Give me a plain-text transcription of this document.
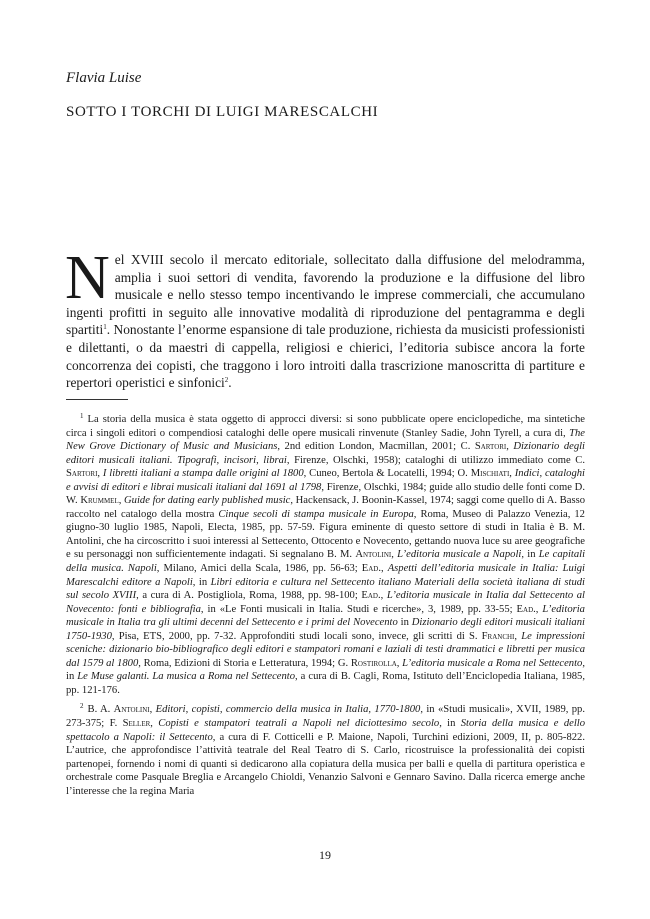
Flavia Luise
SOTTO I TORCHI DI LUIGI MARESCALCHI
Nel XVIII secolo il mercato editoriale, sollecitato dalla diffusione del melodramma, amplia i suoi settori di vendita, favorendo la produzione e la diffusione del libro musicale e nello stesso tempo incentivando le imprese commerciali, che accumulano ingenti profitti in seguito alle innovative modalità di riproduzione del pentagramma e degli spartiti$^1$. Nonostante l’enorme espansione di tale produzione, richiesta da musicisti professionisti e dilettanti, o da maestri di cappella, religiosi e chierici, l’editoria subisce ancora la forte concorrenza dei copisti, che traggono i loro introiti dalla trascrizione manoscritta di partiture e repertori operistici e sinfonici$^2$.

$^1$ La storia della musica è stata oggetto di approcci diversi: si sono pubblicate opere enciclopediche, ma sintetiche circa i singoli editori o compendiosi cataloghi delle opere musicali rinvenute (Stanley Sadie, John Tyrell, a cura di, The New Grove Dictionary of Music and Musicians, 2nd edition London, Macmillan, 2001; C. Sartori, Dizionario degli editori musicali italiani. Tipografi, incisori, librai, Firenze, Olschki, 1958); cataloghi di utilizzo immediato come C. Sartori, I libretti italiani a stampa dalle origini al 1800, Cuneo, Bertola & Locatelli, 1994; O. Mischiati, Indici, cataloghi e avvisi di editori e librai musicali italiani dal 1691 al 1798, Firenze, Olschki, 1984; guide allo studio delle fonti come D. W. Krummel, Guide for dating early published music, Hackensack, J. Boonin-Kassel, 1974; saggi come quello di A. Basso raccolto nel catalogo della mostra Cinque secoli di stampa musicale in Europa, Roma, Museo di Palazzo Venezia, 12 giugno-30 luglio 1985, Napoli, Electa, 1985, pp. 57-59. Figura eminente di questo settore di studi in Italia è B. M. Antolini, che ha circoscritto i suoi interessi al Settecento, Ottocento e Novecento, gettando nuova luce su aree geografiche e su personaggi non sufficientemente indagati. Si segnalano B. M. Antolini, L’editoria musicale a Napoli, in Le capitali della musica. Napoli, Milano, Amici della Scala, 1986, pp. 56-63; Ead., Aspetti dell’editoria musicale in Italia: Luigi Marescalchi editore a Napoli, in Libri editoria e cultura nel Settecento italiano Materiali della società italiana di studi sul secolo XVIII, a cura di A. Postigliola, Roma, 1988, pp. 98-100; Ead., L’editoria musicale in Italia dal Settecento al Novecento: fonti e bibliografia, in «Le Fonti musicali in Italia. Studi e ricerche», 3, 1989, pp. 33-55; Ead., L’editoria musicale in Italia tra gli ultimi decenni del Settecento e i primi del Novecento in Dizionario degli editori musicali italiani 1750-1930, Pisa, ETS, 2000, pp. 7-32. Approfonditi studi locali sono, invece, gli scritti di S. Franchi, Le impressioni sceniche: dizionario bio-bibliografico degli editori e stampatori romani e laziali di testi drammatici e libretti per musica dal 1579 al 1800, Roma, Edizioni di Storia e Letteratura, 1994; G. Rostirolla, L’editoria musicale a Roma nel Settecento, in Le Muse galanti. La musica a Roma nel Settecento, a cura di B. Cagli, Roma, Istituto dell’Enciclopedia Italiana, 1985, pp. 121-176.

$^2$ B. A. Antolini, Editori, copisti, commercio della musica in Italia, 1770-1800, in «Studi musicali», XVII, 1989, pp. 273-375; F. Seller, Copisti e stampatori teatrali a Napoli nel diciottesimo secolo, in Storia della musica e dello spettacolo a Napoli: il Settecento, a cura di F. Cotticelli e P. Maione, Napoli, Turchini edizioni, 2009, II, p. 805-822. L’autrice, che approfondisce l’attività teatrale del Real Teatro di S. Carlo, ricostruisce la professionalità dei copisti partenopei, fornendo i nomi di quanti si dedicarono alla copiatura della musica per balli e quella di partitura operistica e orchestrale come Pasquale Breglia e Arcangelo Chioldi, Venanzio Salvoni e Gennaro Savino. Dalla ricerca emerge anche l’interesse che la regina Maria

19
